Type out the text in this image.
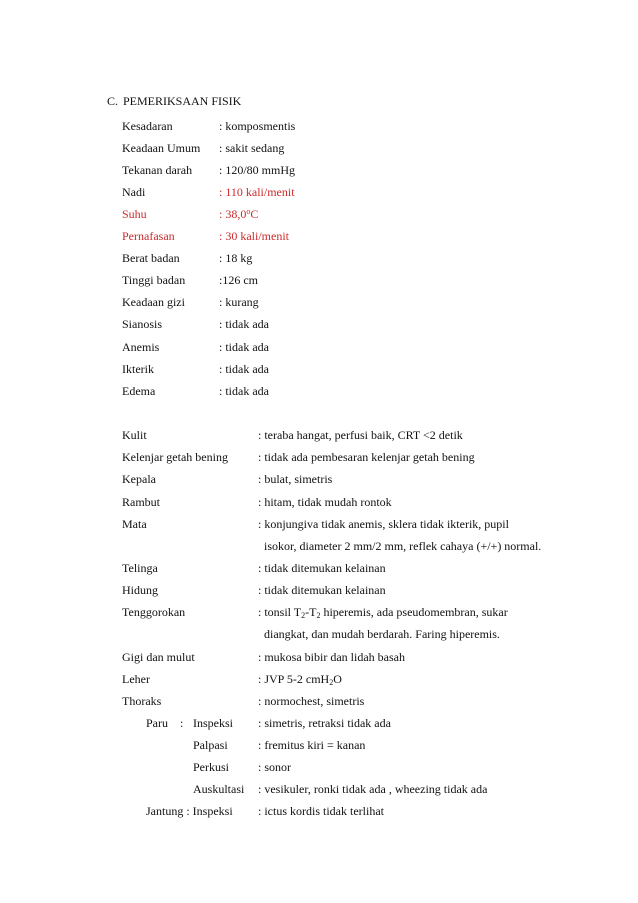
C. PEMERIKSAAN FISIK
Kesadaran	: komposmentis
Keadaan Umum : sakit sedang
Tekanan darah : 120/80 mmHg
Nadi	: 110 kali/menit
Suhu	: 38,0$^o$C
Pernafasan	: 30 kali/menit
Berat badan	: 18 kg
Tinggi badan	:126 cm
Keadaan gizi	: kurang
Sianosis	: tidak ada
Anemis	: tidak ada
Ikterik	: tidak ada
Edema	: tidak ada
Kulit	: teraba hangat, perfusi baik, CRT <2 detik
Kelenjar getah bening	: tidak ada pembesaran kelenjar getah bening
Kepala	: bulat, simetris
Rambut	: hitam, tidak mudah rontok
Mata	: konjungiva tidak anemis, sklera tidak ikterik, pupil
isokor, diameter 2 mm/2 mm, reflek cahaya (+/+) normal.
Telinga	: tidak ditemukan kelainan
Hidung	: tidak ditemukan kelainan
Tenggorokan	: tonsil $T_2-T_2$ hiperemis, ada pseudomembran, sukar
diangkat, dan mudah berdarah. Faring hiperemis.
Gigi dan mulut	: mukosa bibir dan lidah basah
Leher	: JVP 5-2 cmH$_2$O
Thoraks	: normochest, simetris
Paru : Inspeksi : simetris, retraksi tidak ada
Palpasi	: fremitus kiri = kanan
Perkusi : sonor
Auskultasi : vesikuler, ronki tidak ada , wheezing tidak ada
Jantung : Inspeksi : ictus kordis tidak terlihat
